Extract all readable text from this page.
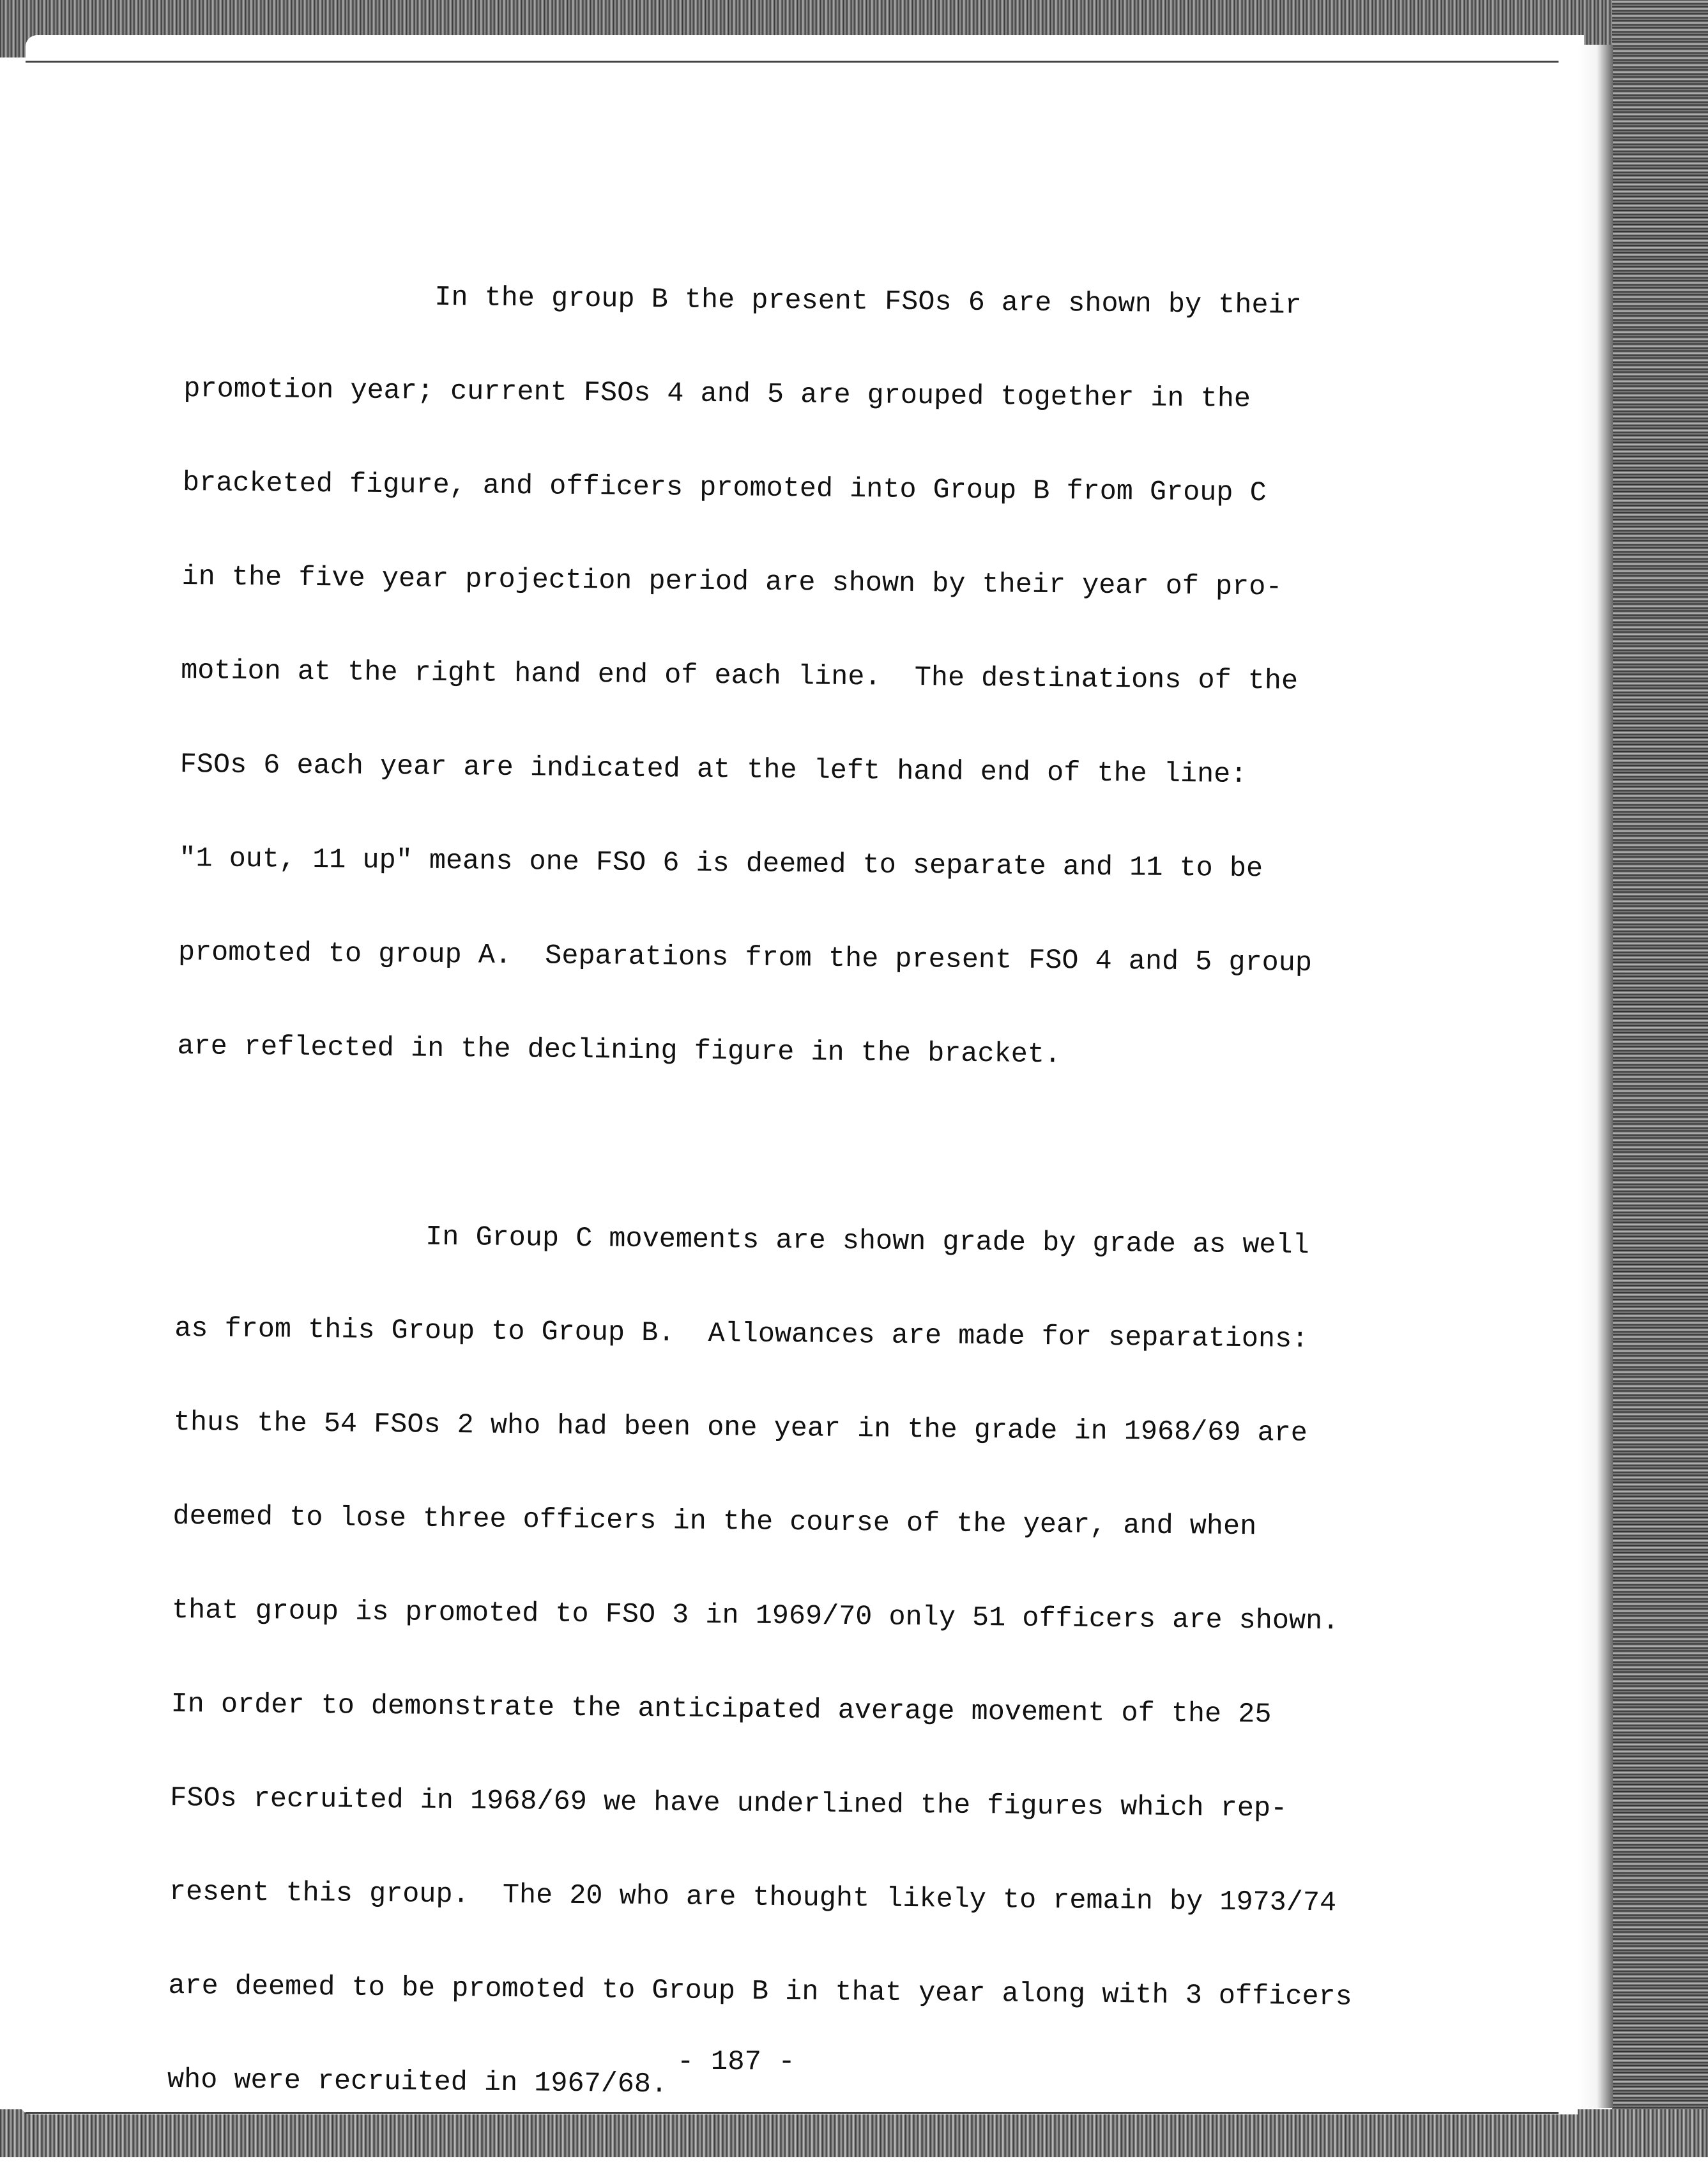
In the group B the present FSOs 6 are shown by their

promotion year; current FSOs 4 and 5 are grouped together in the

bracketed figure, and officers promoted into Group B from Group C

in the five year projection period are shown by their year of pro-

motion at the right hand end of each line.  The destinations of the

FSOs 6 each year are indicated at the left hand end of the line:

"1 out, 11 up" means one FSO 6 is deemed to separate and 11 to be

promoted to group A.  Separations from the present FSO 4 and 5 group

are reflected in the declining figure in the bracket.

In Group C movements are shown grade by grade as well

as from this Group to Group B.  Allowances are made for separations:

thus the 54 FSOs 2 who had been one year in the grade in 1968/69 are

deemed to lose three officers in the course of the year, and when

that group is promoted to FSO 3 in 1969/70 only 51 officers are shown.

In order to demonstrate the anticipated average movement of the 25

FSOs recruited in 1968/69 we have underlined the figures which rep-

resent this group.  The 20 who are thought likely to remain by 1973/74

are deemed to be promoted to Group B in that year along with 3 officers

who were recruited in 1967/68.

- 187 -
